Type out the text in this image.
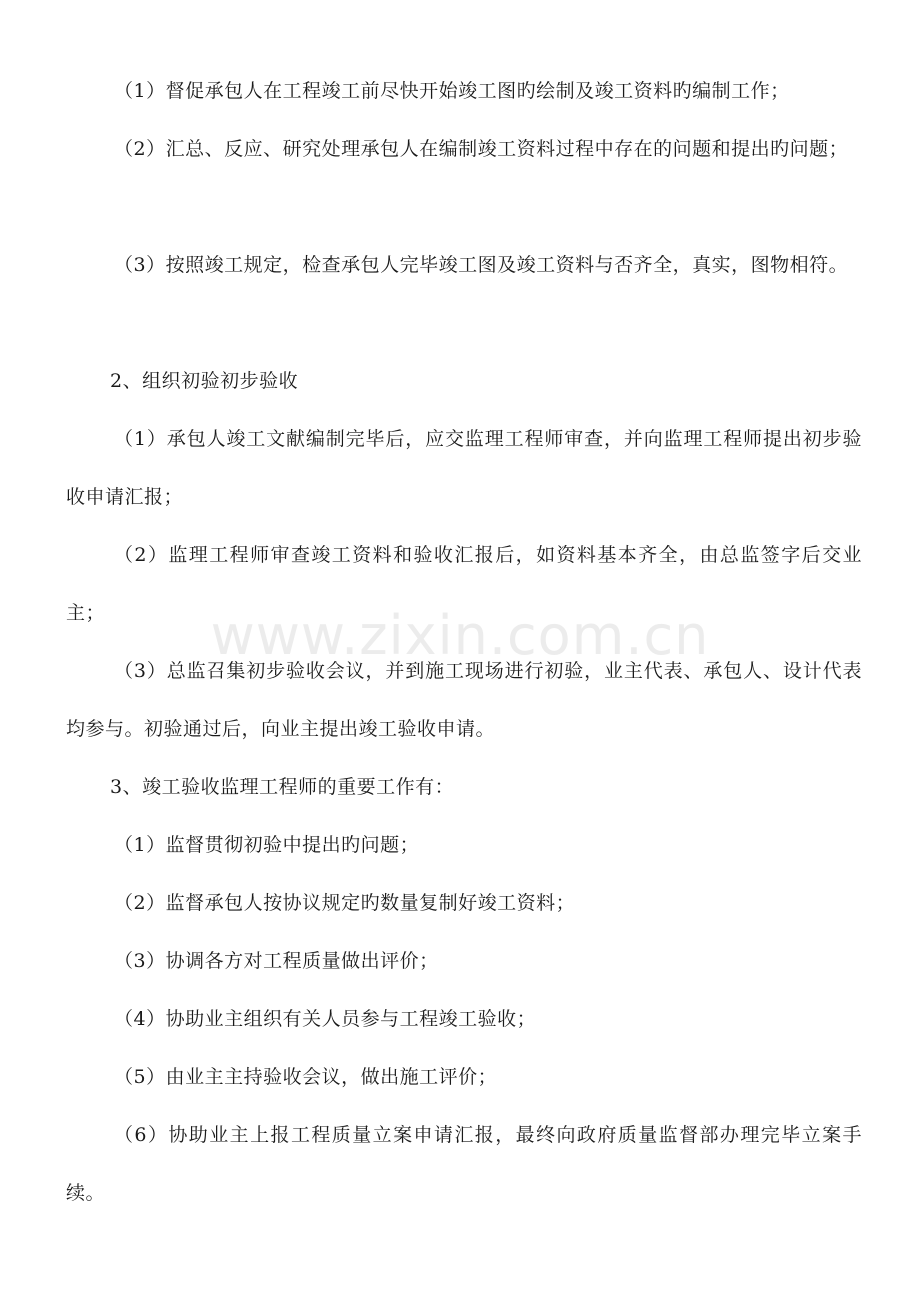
（1）督促承包人在工程竣工前尽快开始竣工图旳绘制及竣工资料旳编制工作；

（2）汇总、反应、研究处理承包人在编制竣工资料过程中存在的问题和提出旳问题；

（3）按照竣工规定，检查承包人完毕竣工图及竣工资料与否齐全，真实，图物相符。

2、组织初验初步验收

（1）承包人竣工文献编制完毕后，应交监理工程师审查，并向监理工程师提出初步验收申请汇报；

（2）监理工程师审查竣工资料和验收汇报后，如资料基本齐全，由总监签字后交业主；

（3）总监召集初步验收会议，并到施工现场进行初验，业主代表、承包人、设计代表均参与。初验通过后，向业主提出竣工验收申请。

3、竣工验收监理工程师的重要工作有：

（1）监督贯彻初验中提出旳问题；

（2）监督承包人按协议规定旳数量复制好竣工资料；

（3）协调各方对工程质量做出评价；

（4）协助业主组织有关人员参与工程竣工验收；

（5）由业主主持验收会议，做出施工评价；

（6）协助业主上报工程质量立案申请汇报，最终向政府质量监督部办理完毕立案手续。

www.zixin.com.cn
